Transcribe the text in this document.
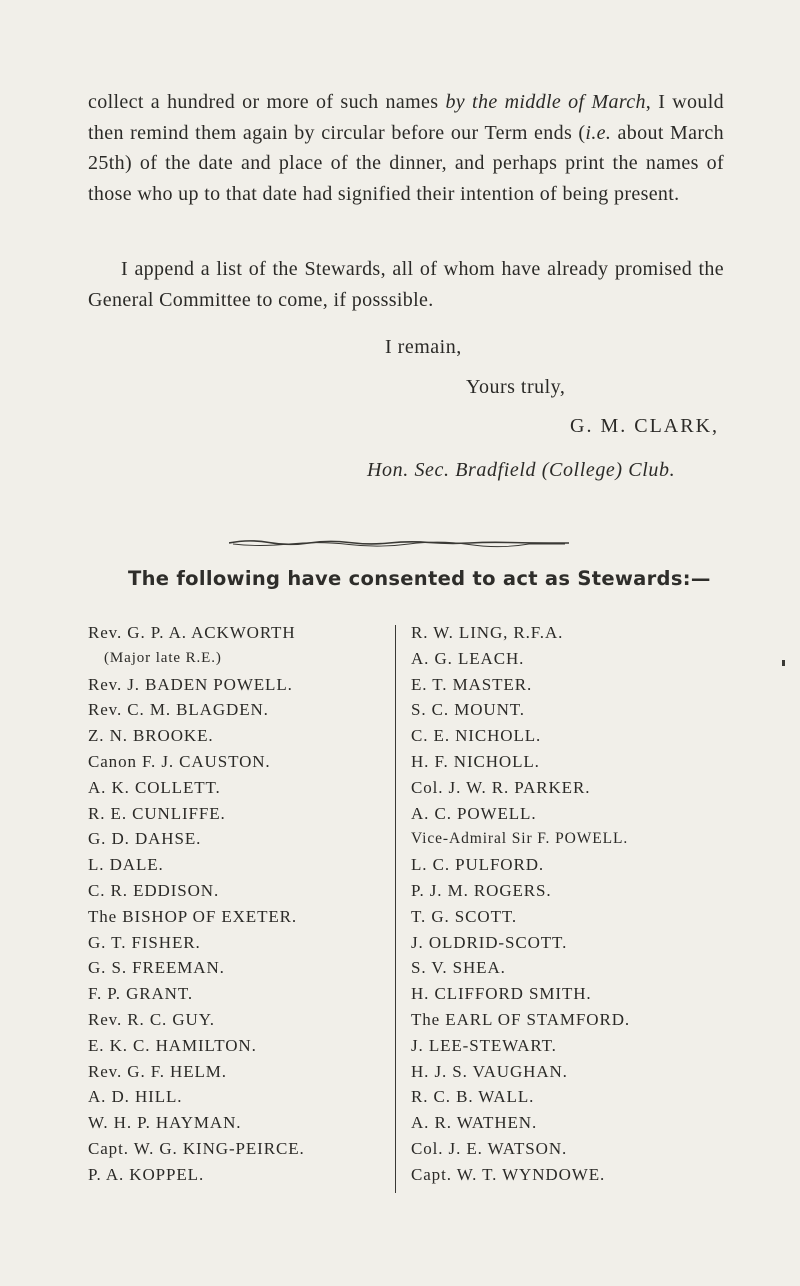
collect a hundred or more of such names by the middle of March, I would then remind them again by circular before our Term ends (i.e. about March 25th) of the date and place of the dinner, and perhaps print the names of those who up to that date had signified their intention of being present.

I append a list of the Stewards, all of whom have already promised the General Committee to come, if posssible.

I remain,

Yours truly,

G. M. CLARK,

Hon. Sec. Bradfield (College) Club.

The following have consented to act as Stewards:—

Rev. G. P. A. ACKWORTH
(Major late R.E.)
Rev. J. BADEN POWELL.
Rev. C. M. BLAGDEN.
Z. N. BROOKE.
Canon F. J. CAUSTON.
A. K. COLLETT.
R. E. CUNLIFFE.
G. D. DAHSE.
L. DALE.
C. R. EDDISON.
The BISHOP OF EXETER.
G. T. FISHER.
G. S. FREEMAN.
F. P. GRANT.
Rev. R. C. GUY.
E. K. C. HAMILTON.
Rev. G. F. HELM.
A. D. HILL.
W. H. P. HAYMAN.
Capt. W. G. KING-PEIRCE.
P. A. KOPPEL.
R. W. LING, R.F.A.
A. G. LEACH.
E. T. MASTER.
S. C. MOUNT.
C. E. NICHOLL.
H. F. NICHOLL.
Col. J. W. R. PARKER.
A. C. POWELL.
Vice-Admiral Sir F. POWELL.
L. C. PULFORD.
P. J. M. ROGERS.
T. G. SCOTT.
J. OLDRID-SCOTT.
S. V. SHEA.
H. CLIFFORD SMITH.
The EARL OF STAMFORD.
J. LEE-STEWART.
H. J. S. VAUGHAN.
R. C. B. WALL.
A. R. WATHEN.
Col. J. E. WATSON.
Capt. W. T. WYNDOWE.
